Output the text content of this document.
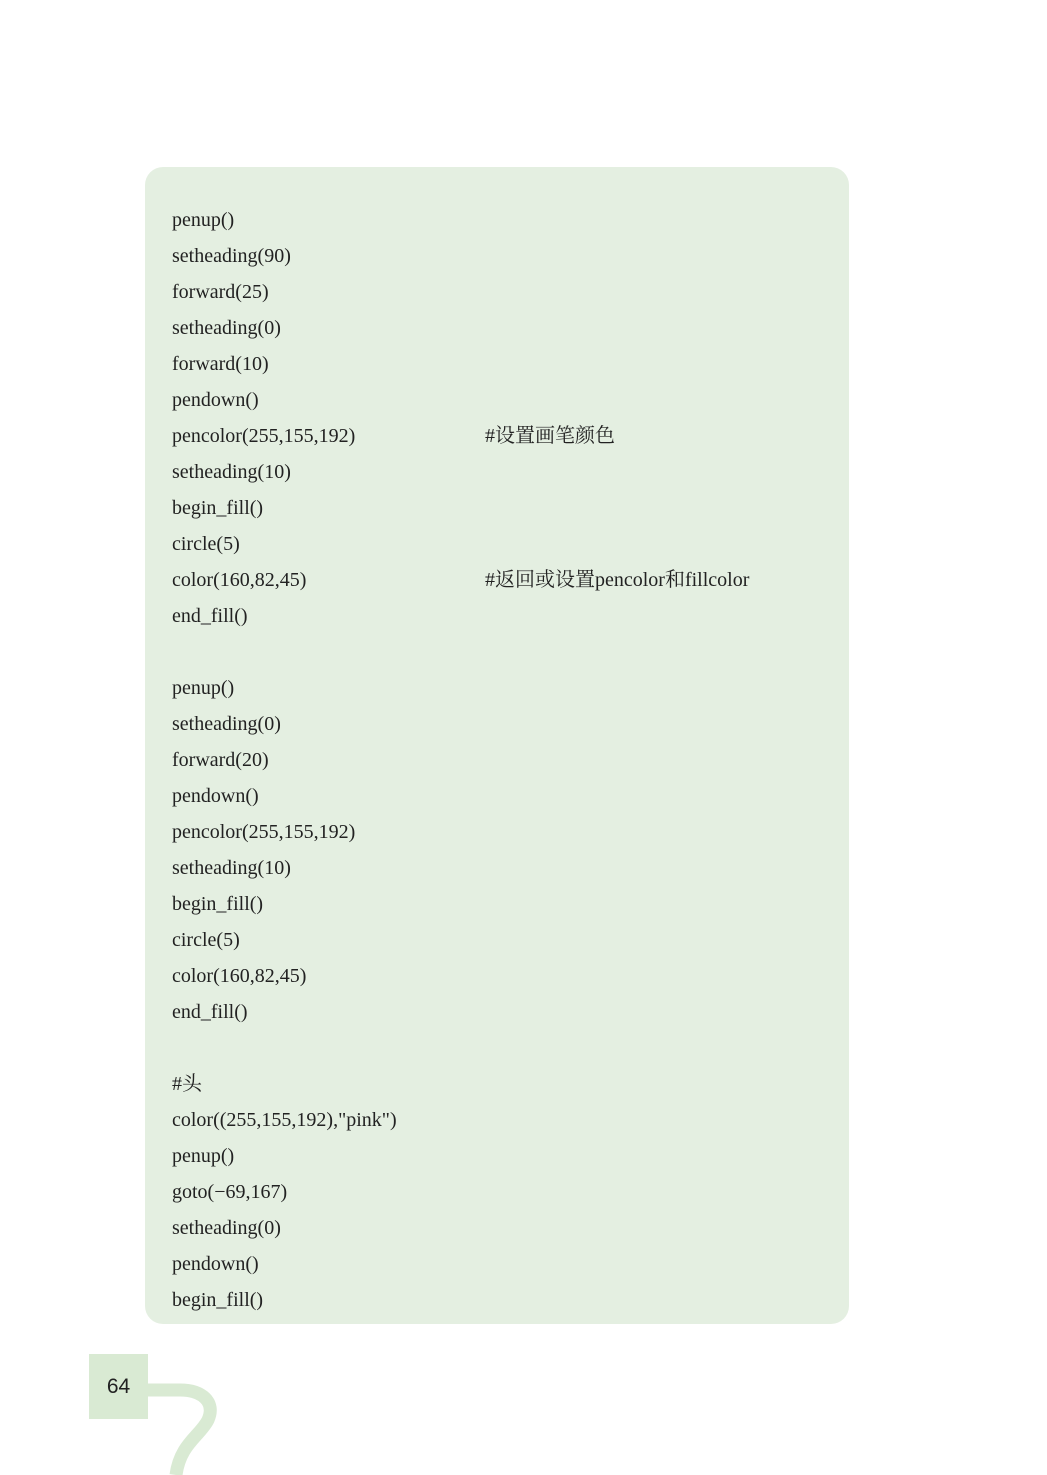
penup()
setheading(90)
forward(25)
setheading(0)
forward(10)
pendown()
pencolor(255,155,192)	#设置画笔颜色
setheading(10)
begin_fill()
circle(5)
color(160,82,45)	#返回或设置pencolor和fillcolor
end_fill()
penup()
setheading(0)
forward(20)
pendown()
pencolor(255,155,192)
setheading(10)
begin_fill()
circle(5)
color(160,82,45)
end_fill()
#头
color((255,155,192),"pink")
penup()
goto(−69,167)
setheading(0)
pendown()
begin_fill()
64
